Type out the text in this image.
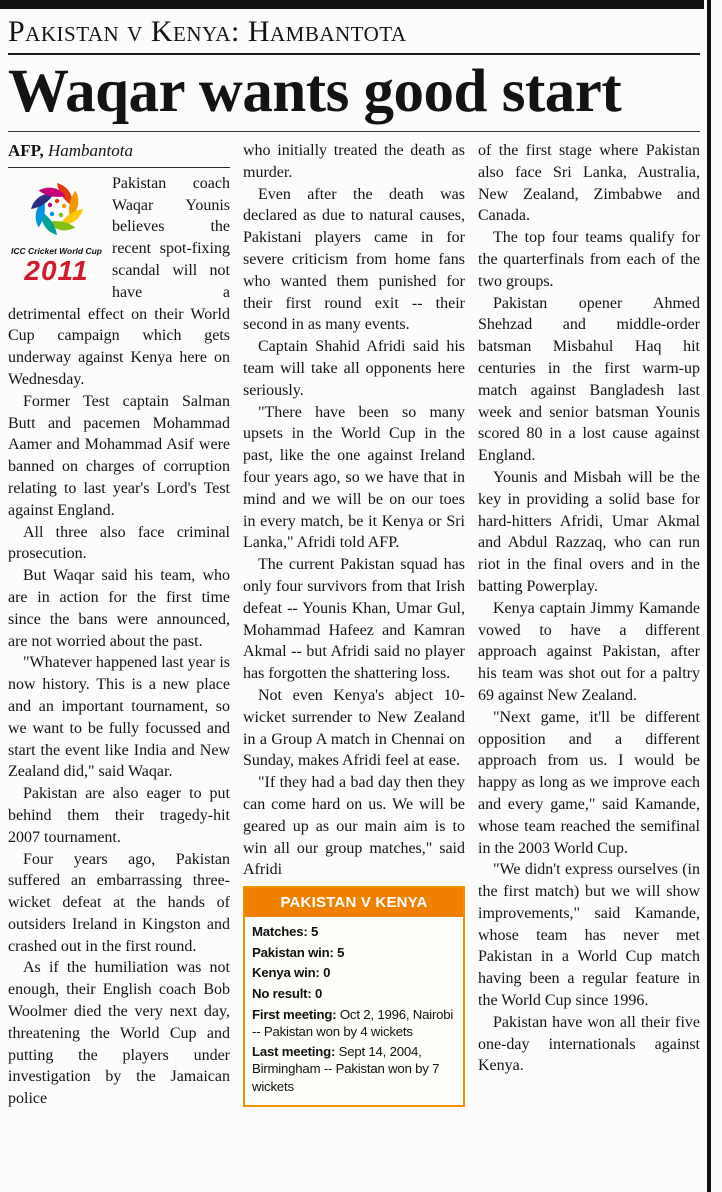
Pakistan v Kenya: Hambantota
Waqar wants good start
AFP, Hambantota
ICC Cricket World Cup
2011

Pakistan coach Waqar Younis believes the recent spot-fixing scandal will not have a detrimental effect on their World Cup campaign which gets underway against Kenya here on Wednesday.

Former Test captain Salman Butt and pacemen Mohammad Aamer and Mohammad Asif were banned on charges of corruption relating to last year's Lord's Test against England.

All three also face criminal prosecution.

But Waqar said his team, who are in action for the first time since the bans were announced, are not worried about the past.

"Whatever happened last year is now history. This is a new place and an important tournament, so we want to be fully focussed and start the event like India and New Zealand did," said Waqar.

Pakistan are also eager to put behind them their tragedy-hit 2007 tournament.

Four years ago, Pakistan suffered an embarrassing three-wicket defeat at the hands of outsiders Ireland in Kingston and crashed out in the first round.

As if the humiliation was not enough, their English coach Bob Woolmer died the very next day, threatening the World Cup and putting the players under investigation by the Jamaican police

who initially treated the death as murder.

Even after the death was declared as due to natural causes, Pakistani players came in for severe criticism from home fans who wanted them punished for their first round exit -- their second in as many events.

Captain Shahid Afridi said his team will take all opponents here seriously.

"There have been so many upsets in the World Cup in the past, like the one against Ireland four years ago, so we have that in mind and we will be on our toes in every match, be it Kenya or Sri Lanka," Afridi told AFP.

The current Pakistan squad has only four survivors from that Irish defeat -- Younis Khan, Umar Gul, Mohammad Hafeez and Kamran Akmal -- but Afridi said no player has forgotten the shattering loss.

Not even Kenya's abject 10-wicket surrender to New Zealand in a Group A match in Chennai on Sunday, makes Afridi feel at ease.

"If they had a bad day then they can come hard on us. We will be geared up as our main aim is to win all our group matches," said Afridi

PAKISTAN V KENYA
Matches: 5
Pakistan win: 5
Kenya win: 0
No result: 0
First meeting: Oct 2, 1996, Nairobi -- Pakistan won by 4 wickets
Last meeting: Sept 14, 2004, Birmingham -- Pakistan won by 7 wickets

of the first stage where Pakistan also face Sri Lanka, Australia, New Zealand, Zimbabwe and Canada.

The top four teams qualify for the quarterfinals from each of the two groups.

Pakistan opener Ahmed Shehzad and middle-order batsman Misbahul Haq hit centuries in the first warm-up match against Bangladesh last week and senior batsman Younis scored 80 in a lost cause against England.

Younis and Misbah will be the key in providing a solid base for hard-hitters Afridi, Umar Akmal and Abdul Razzaq, who can run riot in the final overs and in the batting Powerplay.

Kenya captain Jimmy Kamande vowed to have a different approach against Pakistan, after his team was shot out for a paltry 69 against New Zealand.

"Next game, it'll be different opposition and a different approach from us. I would be happy as long as we improve each and every game," said Kamande, whose team reached the semifinal in the 2003 World Cup.

"We didn't express ourselves (in the first match) but we will show improvements," said Kamande, whose team has never met Pakistan in a World Cup match having been a regular feature in the World Cup since 1996.

Pakistan have won all their five one-day internationals against Kenya.
